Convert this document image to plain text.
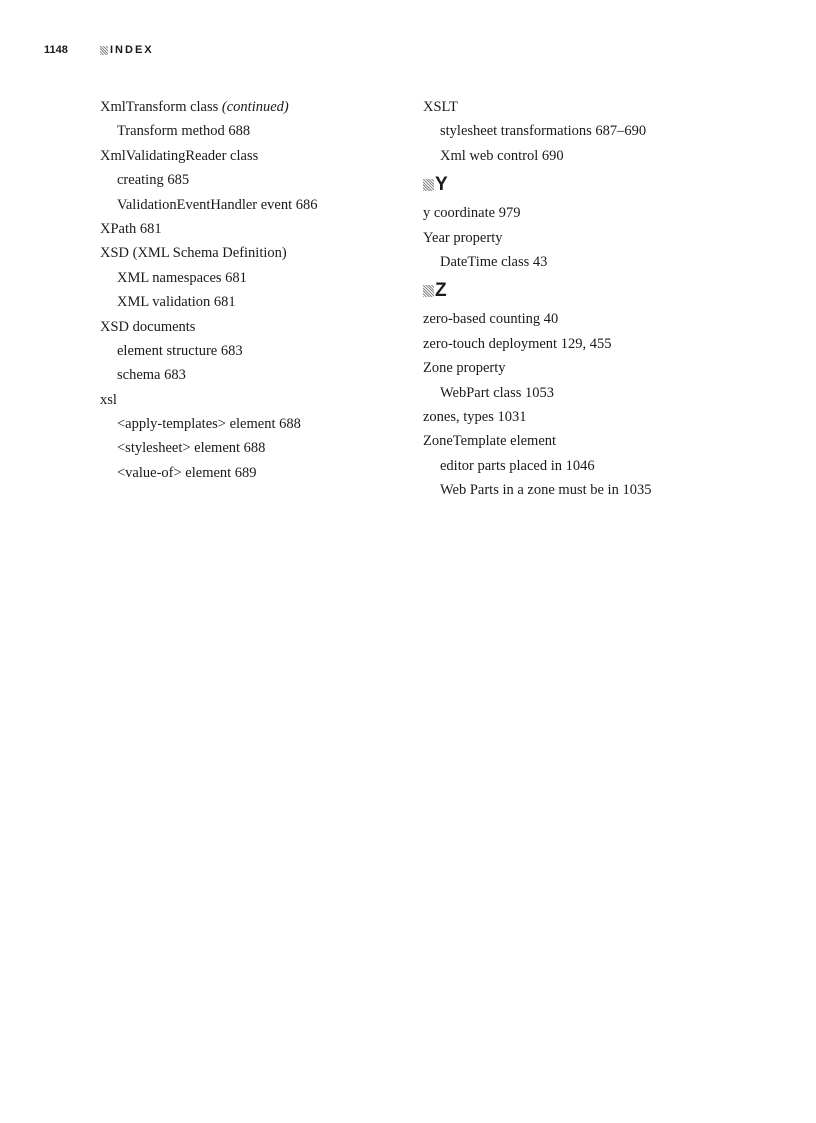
1148	INDEX
XmlTransform class (continued)
Transform method 688
XmlValidatingReader class
creating 685
ValidationEventHandler event 686
XPath 681
XSD (XML Schema Definition)
XML namespaces 681
XML validation 681
XSD documents
element structure 683
schema 683
xsl
<apply-templates> element 688
<stylesheet> element 688
<value-of> element 689
XSLT
stylesheet transformations 687–690
Xml web control 690
Y
y coordinate 979
Year property
DateTime class 43
Z
zero-based counting 40
zero-touch deployment 129, 455
Zone property
WebPart class 1053
zones, types 1031
ZoneTemplate element
editor parts placed in 1046
Web Parts in a zone must be in 1035
